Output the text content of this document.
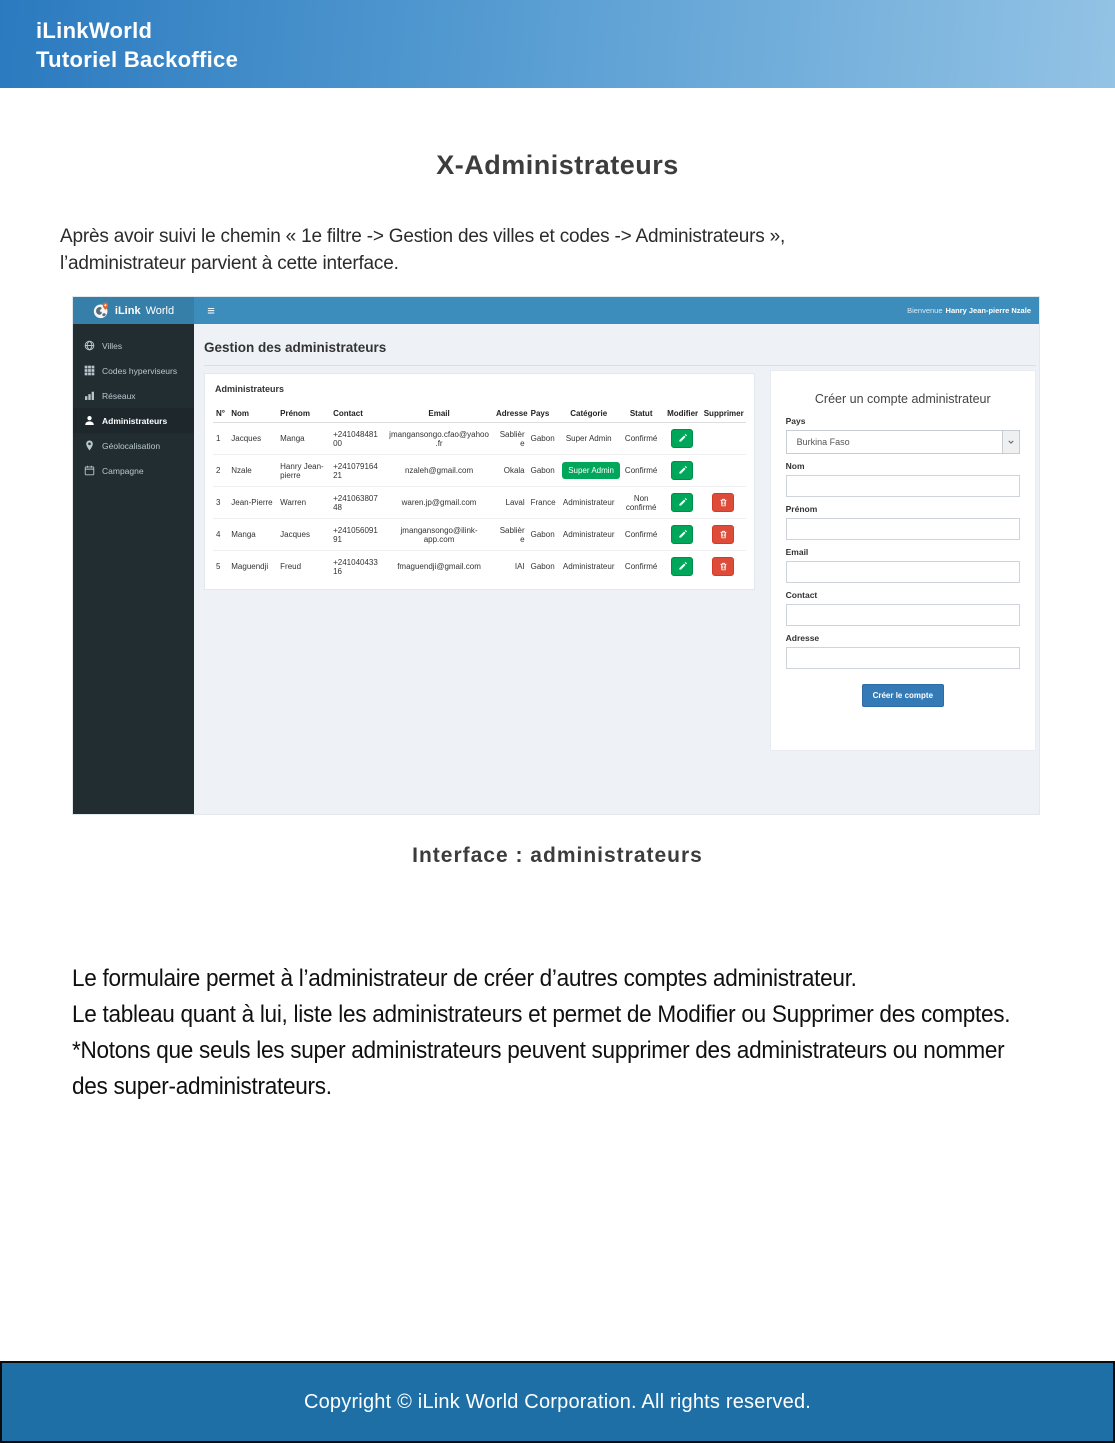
iLinkWorld
Tutoriel Backoffice
X-Administrateurs
Après avoir suivi le chemin « 1e filtre -> Gestion des villes et codes -> Administrateurs »,
l’administrateur parvient à cette interface.
iLink World	≡	Bienvenue Hanry Jean-pierre Nzale
Villes
Codes hyperviseurs
Réseaux
Administrateurs
Géolocalisation
Campagne
Gestion des administrateurs
Administrateurs
N°	Nom	Prénom	Contact	Email	Adresse	Pays	Catégorie	Statut	Modifier	Supprimer
1	Jacques	Manga	+24104848100	jmangansongo.cfao@yahoo.fr	Sablière	Gabon	Super Admin	Confirmé	

2	Nzale	Hanry Jean-pierre	+24107916421	nzaleh@gmail.com	Okala	Gabon	Super Admin	Confirmé	

3	Jean-Pierre	Warren	+24106380748	waren.jp@gmail.com	Laval	France	Administrateur	Non confirmé	

4	Manga	Jacques	+24105609191	jmangansongo@ilink-app.com	Sablière	Gabon	Administrateur	Confirmé	

5	Maguendji	Freud	+24104043316	fmaguendji@gmail.com	IAI	Gabon	Administrateur	Confirmé	

Créer un compte administrateur
Pays
Burkina Faso
Nom
Prénom
Email
Contact
Adresse
Créer le compte
Interface : administrateurs
Le formulaire permet à l’administrateur de créer d’autres comptes administrateur.
Le tableau quant à lui, liste les administrateurs et permet de Modifier ou Supprimer des comptes.
*Notons que seuls les super administrateurs peuvent supprimer des administrateurs ou nommer
des super-administrateurs.
Copyright © iLink World Corporation. All rights reserved.
